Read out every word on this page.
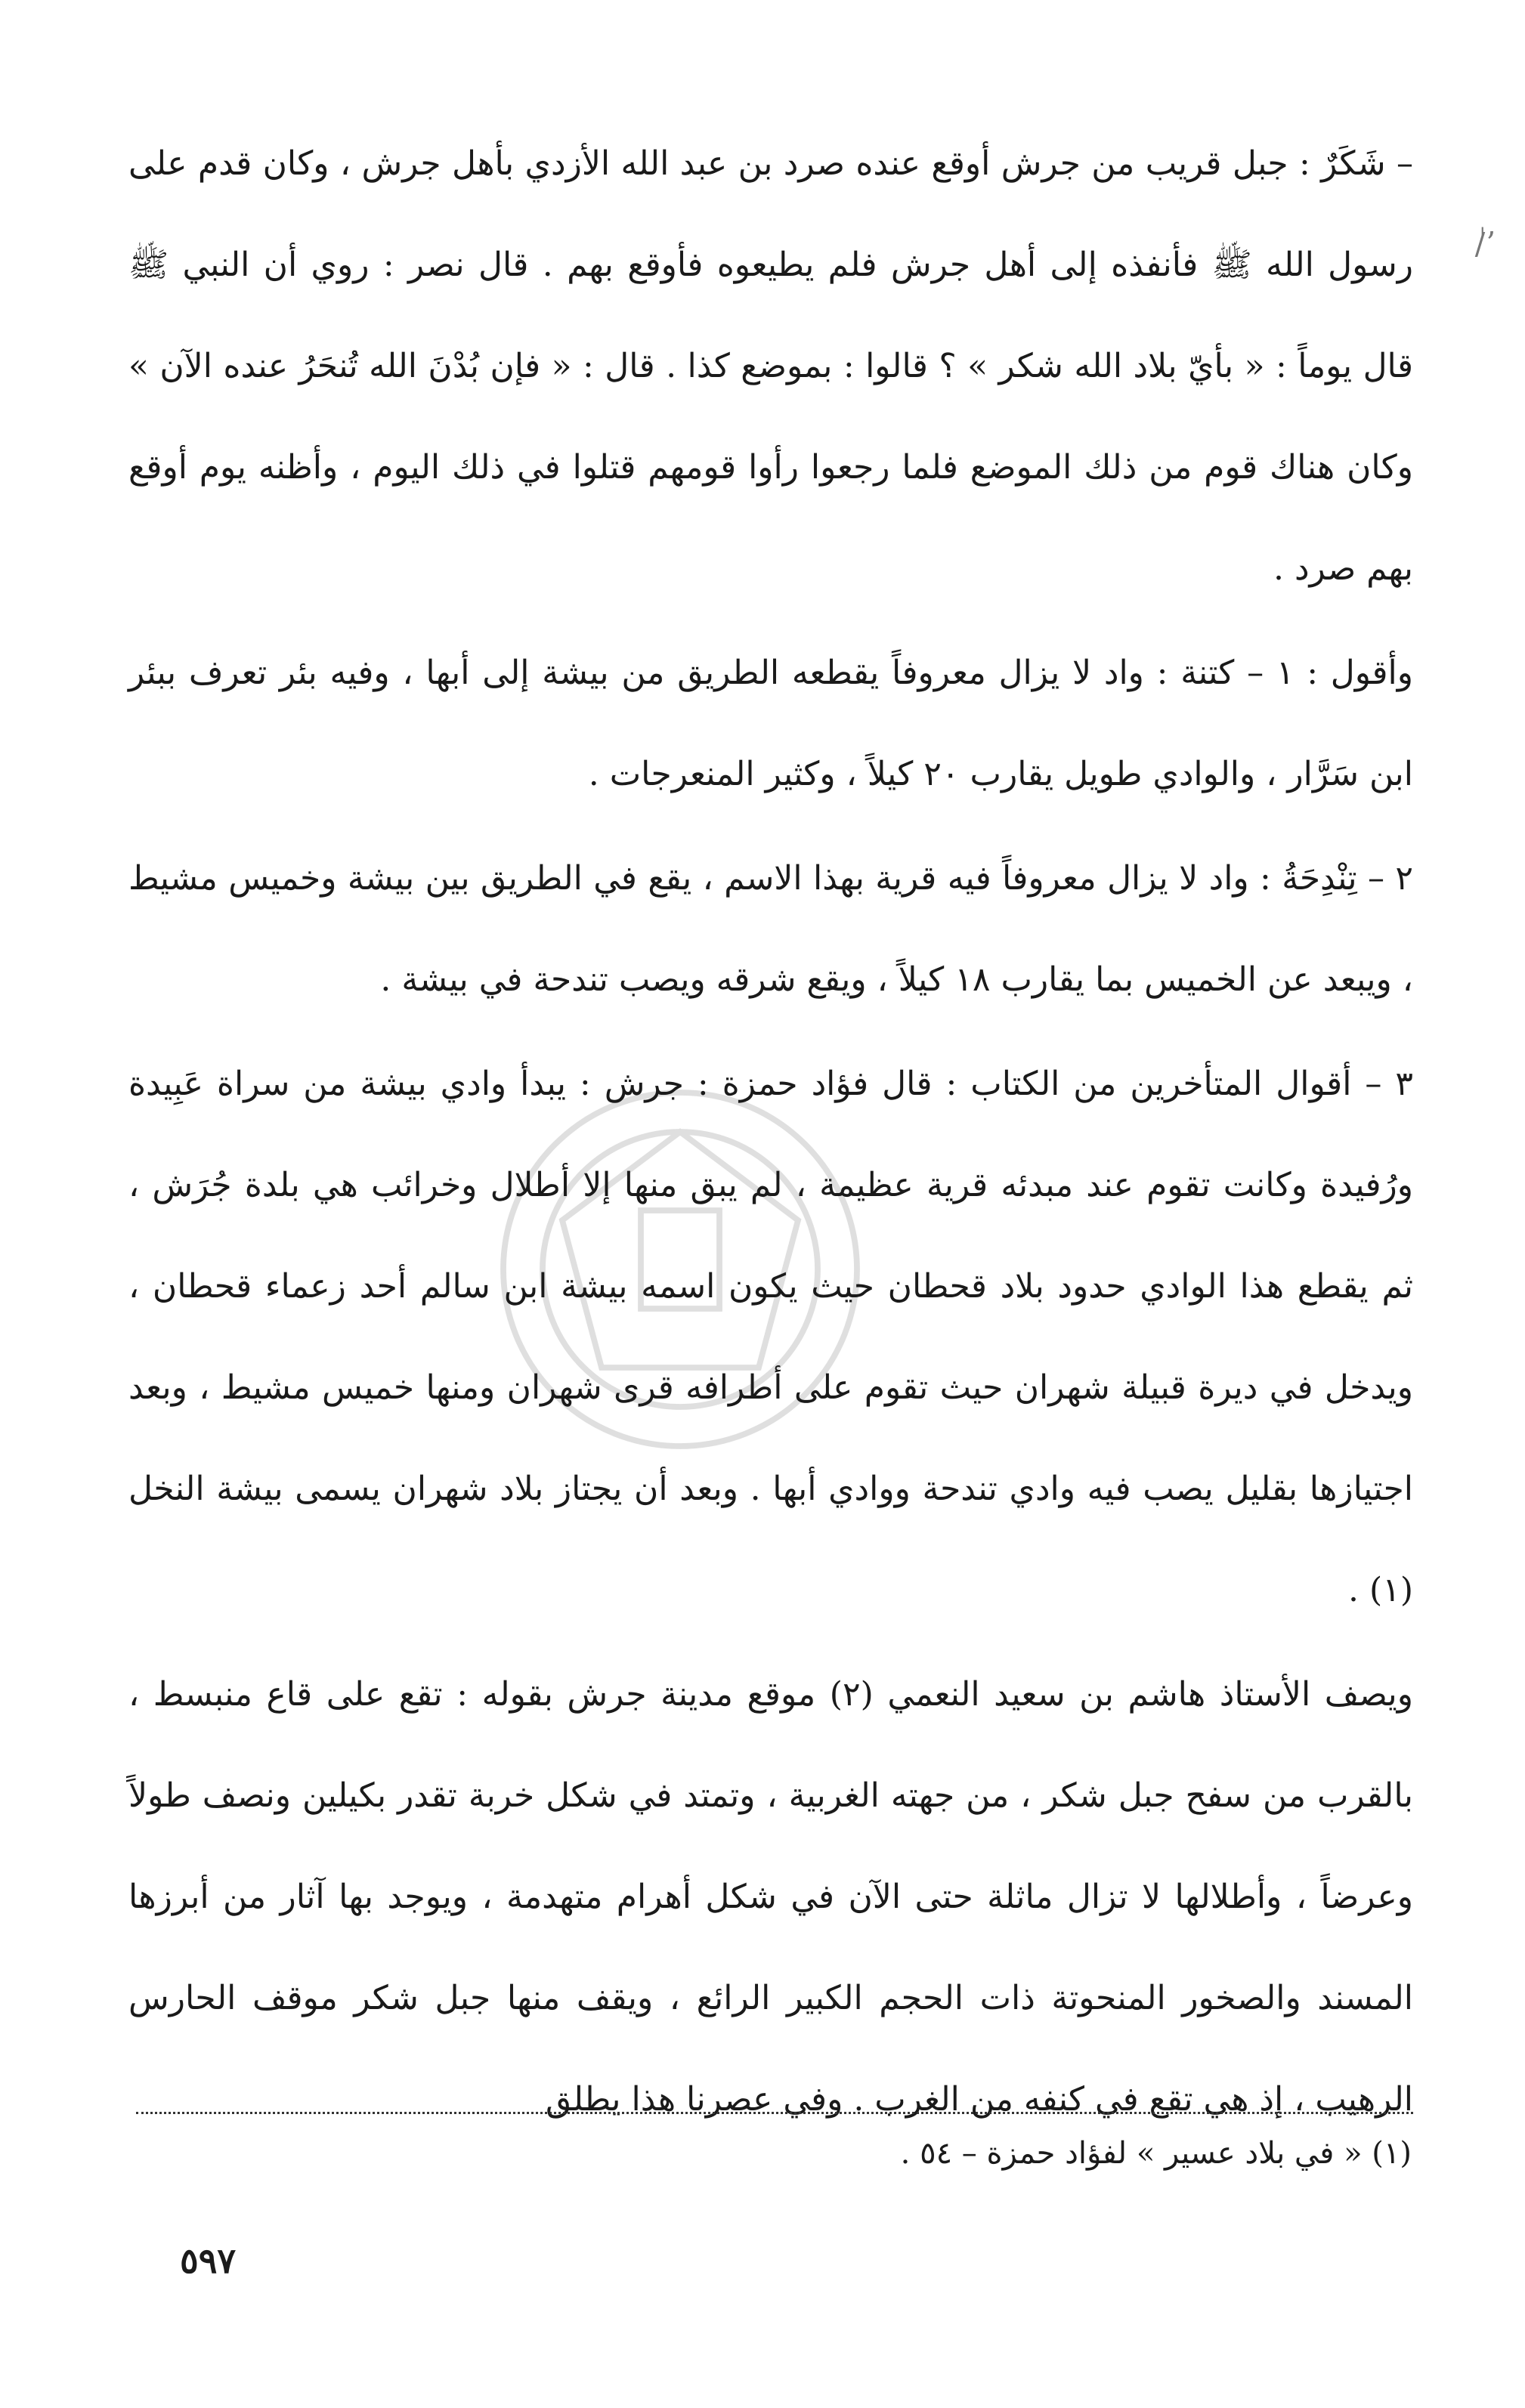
ʼ/ٰ

– شَكَرٌ : جبل قريب من جرش أوقع عنده صرد بن عبد الله الأزدي بأهل جرش ، وكان قدم على رسول الله ﷺ فأنفذه إلى أهل جرش فلم يطيعوه فأوقع بهم . قال نصر : روي أن النبي ﷺ قال يوماً : « بأيّ بلاد الله شكر » ؟ قالوا : بموضع كذا . قال : « فإن بُدْنَ الله تُنحَرُ عنده الآن » وكان هناك قوم من ذلك الموضع فلما رجعوا رأوا قومهم قتلوا في ذلك اليوم ، وأظنه يوم أوقع بهم صرد .

وأقول : ١ – كتنة : واد لا يزال معروفاً يقطعه الطريق من بيشة إلى أبها ، وفيه بئر تعرف ببئر ابن سَرَّار ، والوادي طويل يقارب ٢٠ كيلاً ، وكثير المنعرجات .

٢ – تِنْدِحَةُ : واد لا يزال معروفاً فيه قرية بهذا الاسم ، يقع في الطريق بين بيشة وخميس مشيط ، ويبعد عن الخميس بما يقارب ١٨ كيلاً ، ويقع شرقه ويصب تندحة في بيشة .

٣ – أقوال المتأخرين من الكتاب : قال فؤاد حمزة : جرش : يبدأ وادي بيشة من سراة عَبِيدة ورُفيدة وكانت تقوم عند مبدئه قرية عظيمة ، لم يبق منها إلا أطلال وخرائب هي بلدة جُرَش ، ثم يقطع هذا الوادي حدود بلاد قحطان حيث يكون اسمه بيشة ابن سالم أحد زعماء قحطان ، ويدخل في ديرة قبيلة شهران حيث تقوم على أطرافه قرى شهران ومنها خميس مشيط ، وبعد اجتيازها بقليل يصب فيه وادي تندحة ووادي أبها . وبعد أن يجتاز بلاد شهران يسمى بيشة النخل (١) .

ويصف الأستاذ هاشم بن سعيد النعمي (٢) موقع مدينة جرش بقوله : تقع على قاع منبسط ، بالقرب من سفح جبل شكر ، من جهته الغربية ، وتمتد في شكل خربة تقدر بكيلين ونصف طولاً وعرضاً ، وأطلالها لا تزال ماثلة حتى الآن في شكل أهرام متهدمة ، ويوجد بها آثار من أبرزها المسند والصخور المنحوتة ذات الحجم الكبير الرائع ، ويقف منها جبل شكر موقف الحارس الرهيب ، إذ هي تقع في كنفه من الغرب . وفي عصرنا هذا يطلق

(١) « في بلاد عسير » لفؤاد حمزة – ٥٤ .
٥٩٧
